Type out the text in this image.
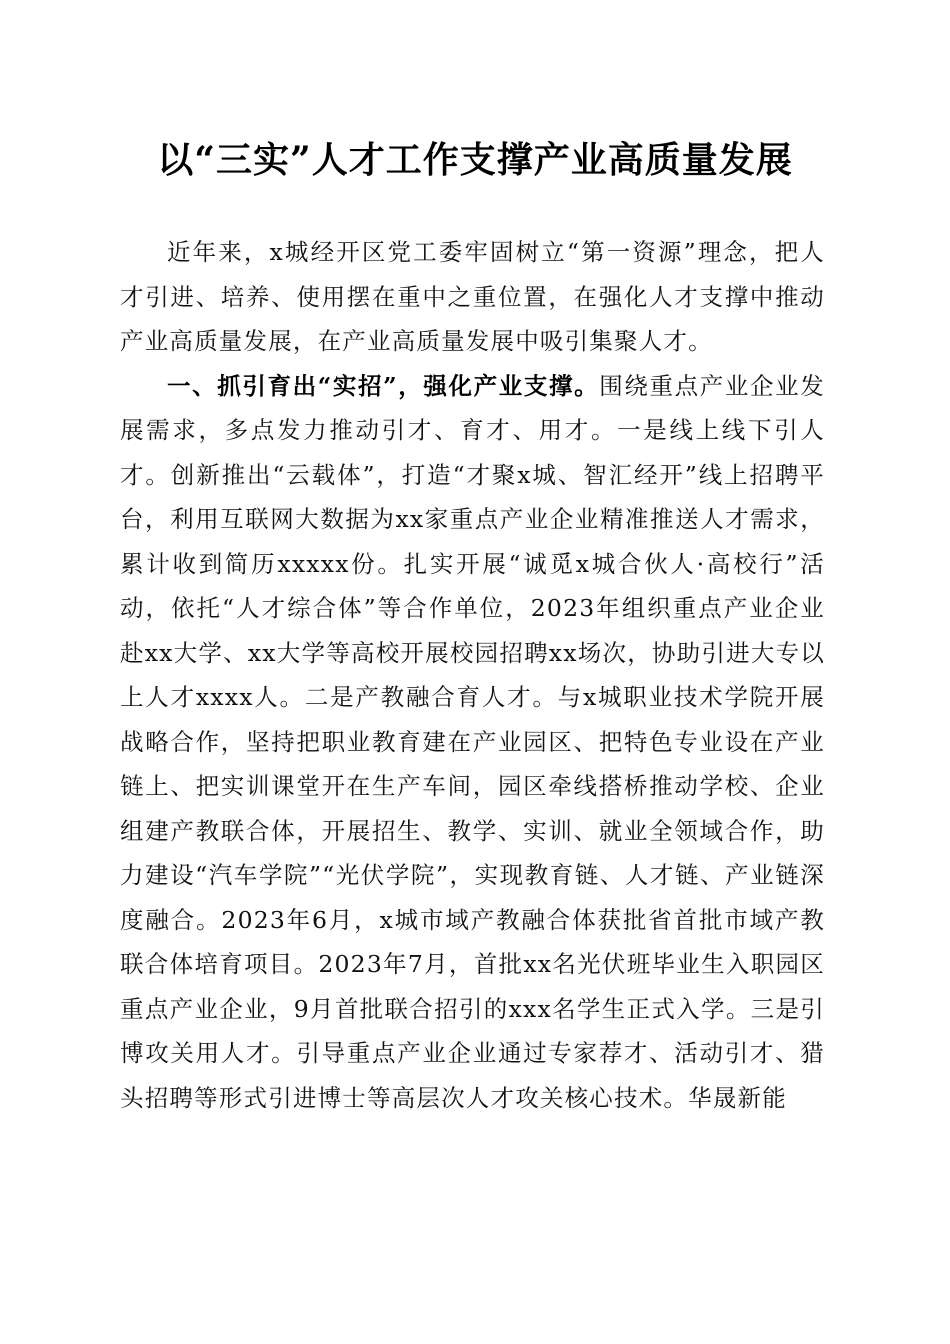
以“三实”人才工作支撑产业高质量发展

近年来，x城经开区党工委牢固树立“第一资源”理念，把人才引进、培养、使用摆在重中之重位置，在强化人才支撑中推动产业高质量发展，在产业高质量发展中吸引集聚人才。

一、抓引育出“实招”，强化产业支撑。围绕重点产业企业发展需求，多点发力推动引才、育才、用才。一是线上线下引人才。创新推出“云载体”，打造“才聚x城、智汇经开”线上招聘平台，利用互联网大数据为xx家重点产业企业精准推送人才需求，累计收到简历xxxxx份。扎实开展“诚觅x城合伙人·高校行”活动，依托“人才综合体”等合作单位，2023年组织重点产业企业赴xx大学、xx大学等高校开展校园招聘xx场次，协助引进大专以上人才xxxx人。二是产教融合育人才。与x城职业技术学院开展战略合作，坚持把职业教育建在产业园区、把特色专业设在产业链上、把实训课堂开在生产车间，园区牵线搭桥推动学校、企业组建产教联合体，开展招生、教学、实训、就业全领域合作，助力建设“汽车学院”“光伏学院”，实现教育链、人才链、产业链深度融合。2023年6月，x城市域产教融合体获批省首批市域产教联合体培育项目。2023年7月，首批xx名光伏班毕业生入职园区重点产业企业，9月首批联合招引的xxx名学生正式入学。三是引博攻关用人才。引导重点产业企业通过专家荐才、活动引才、猎头招聘等形式引进博士等高层次人才攻关核心技术。华晟新能
